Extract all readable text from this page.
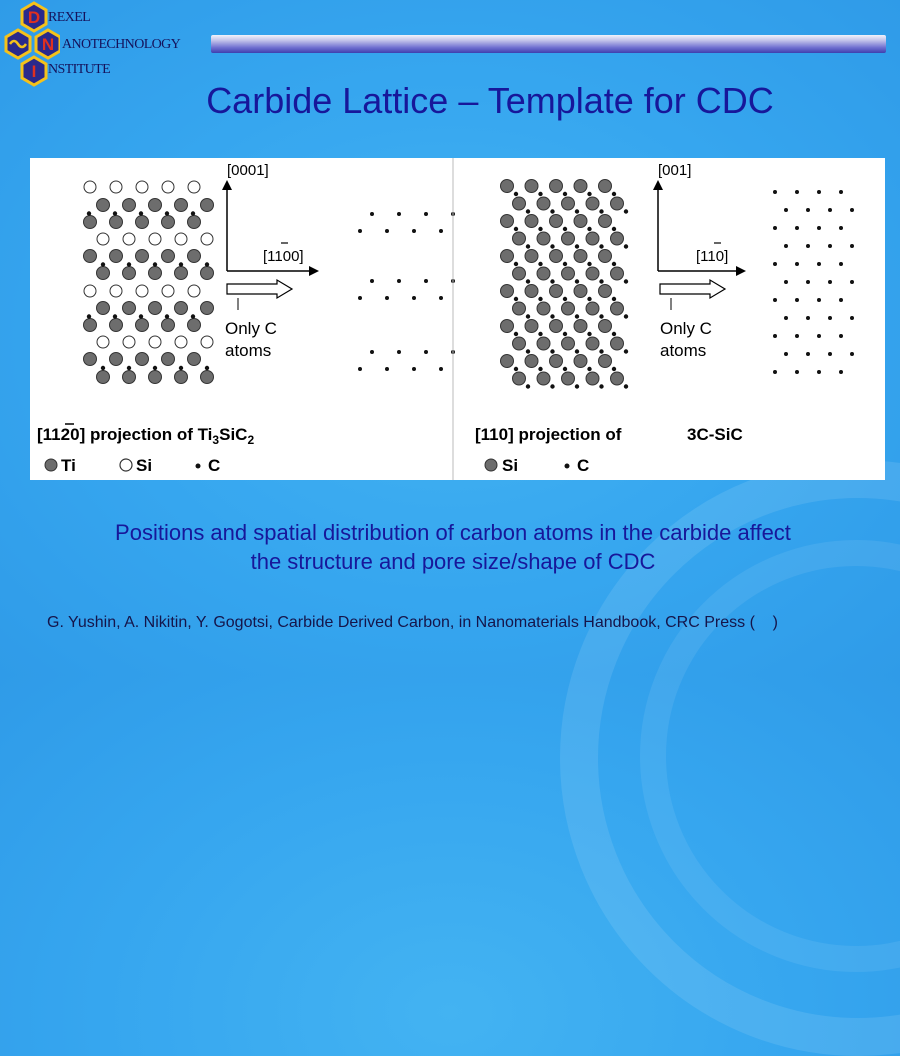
D
N
I
REXEL
ANOTECHNOLOGY
NSTITUTE
Carbide Lattice – Template for CDC
[0001]
[1100]
Only C
atoms
[001]
[110]
Only C
atoms
[1120] projection of $Ti_3SiC_2$
Ti	Si	C
[110] projection of	3C-SiC
Si	C
Positions and spatial distribution of carbon atoms in the carbide affect
the structure and pore size/shape of CDC
G. Yushin, A. Nikitin, Y. Gogotsi, Carbide Derived Carbon, in Nanomaterials Handbook, CRC Press (    )
